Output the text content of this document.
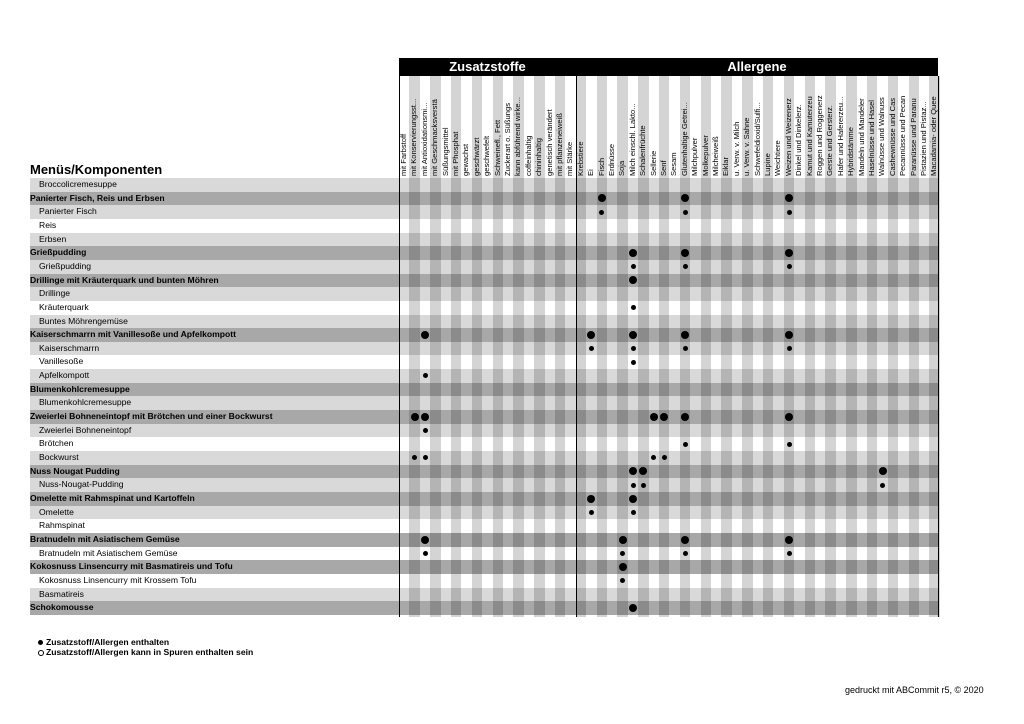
Menüs/Komponenten
Zusatzstoffe	Allergene
mit Farbstoff mit Konservierungsst... mit Antioxidationsmi... mit Geschmacksverstä Süßungsmittel mit Phosphat gewachst geschwärzt geschwefelt Schweinefl., Fett Zuckerart o. Süßungs kann abführend wirke... coffeinhaltig chininhaltig genetisch verändert mit pflanzeneiweiß mit Stärke Krebstiere Ei Fisch Erdnüsse Soja Milch einschl. Lakto... Schalenfrüchte Sellerie Senf Sesam Glutenhaltige Getrei... Milchpulver Molkepulver Milcheiweiß Eiklar u. Verw. v. Milch u. Verw. v. Sahne Schwefeldioxid/Sulfi... Lupine Weichtiere Weizen und Weizenerz Dinkel und Dinkelerz. Kamut und Kamuterzeu Roggen und Roggenerz Gerste und Gersterz. Hafer und Hafererzeu... Hybridstämme Mandeln und Mandeler Haselnüsse und Hasel Walnüsse und Walnuss Cashewnüsse und Cas Pecannüsse und Pecan Paranüsse und Paranu Pistazien und Pistaz... Macadamia- oder Quee
Broccolicremesuppe
Panierter Fisch, Reis und Erbsen
Panierter Fisch
Reis
Erbsen
Grießpudding
Grießpudding
Drillinge mit Kräuterquark und bunten Möhren
Drillinge
Kräuterquark
Buntes Möhrengemüse
Kaiserschmarrn mit Vanillesoße und Apfelkompott
Kaiserschmarrn
Vanillesoße
Apfelkompott
Blumenkohlcremesuppe
Blumenkohlcremesuppe
Zweierlei Bohneneintopf mit Brötchen und einer Bockwurst
Zweierlei Bohneneintopf
Brötchen
Bockwurst
Nuss Nougat Pudding
Nuss-Nougat-Pudding
Omelette mit Rahmspinat und Kartoffeln
Omelette
Rahmspinat
Bratnudeln mit Asiatischem Gemüse
Bratnudeln mit Asiatischem Gemüse
Kokosnuss Linsencurry mit Basmatireis und Tofu
Kokosnuss Linsencurry mit Krossem Tofu
Basmatireis
Schokomousse
Zusatzstoff/Allergen enthalten
Zusatzstoff/Allergen kann in Spuren enthalten sein
gedruckt mit ABCommit r5, © 2020
